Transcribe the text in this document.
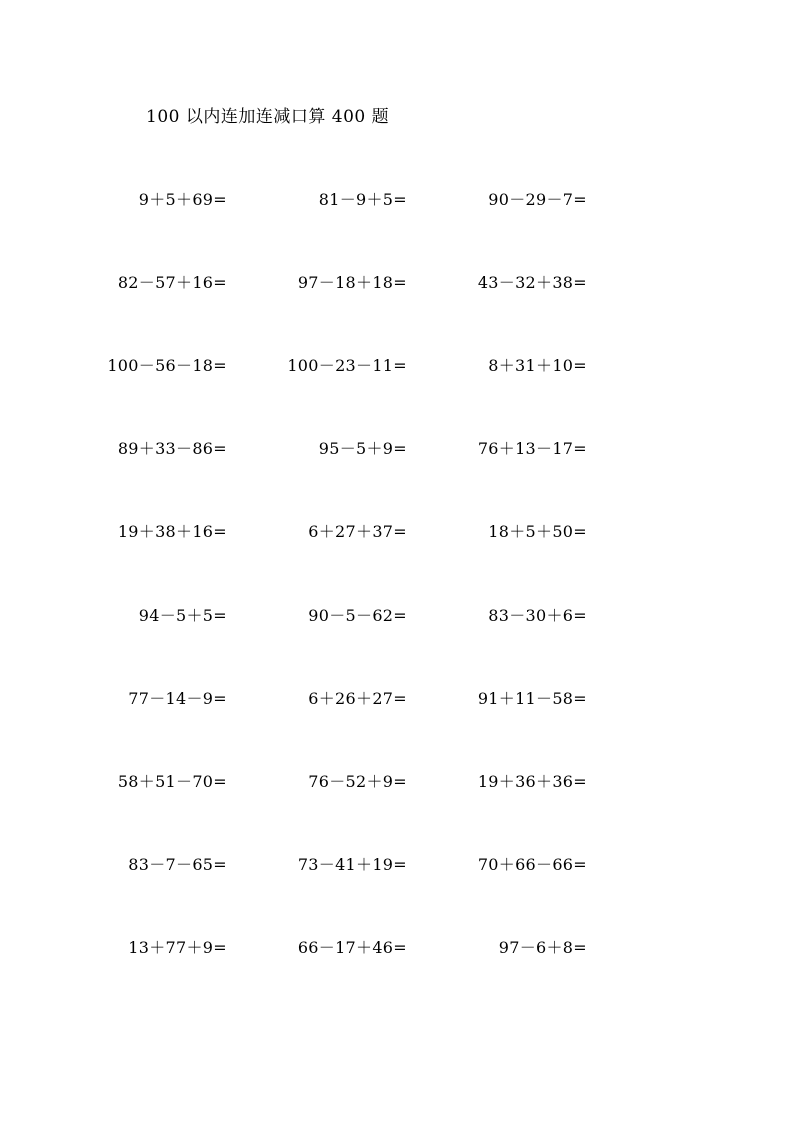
100 以内连加连减口算 400 题
9＋5＋69=	81－9＋5=	90－29－7=
82－57＋16=	97－18＋18=	43－32＋38=
100－56－18=	100－23－11=	8＋31＋10=
89＋33－86=	95－5＋9=	76＋13－17=
19＋38＋16=	6＋27＋37=	18＋5＋50=
94－5＋5=	90－5－62=	83－30＋6=
77－14－9=	6＋26＋27=	91＋11－58=
58＋51－70=	76－52＋9=	19＋36＋36=
83－7－65=	73－41＋19=	70＋66－66=
13＋77＋9=	66－17＋46=	97－6＋8=
